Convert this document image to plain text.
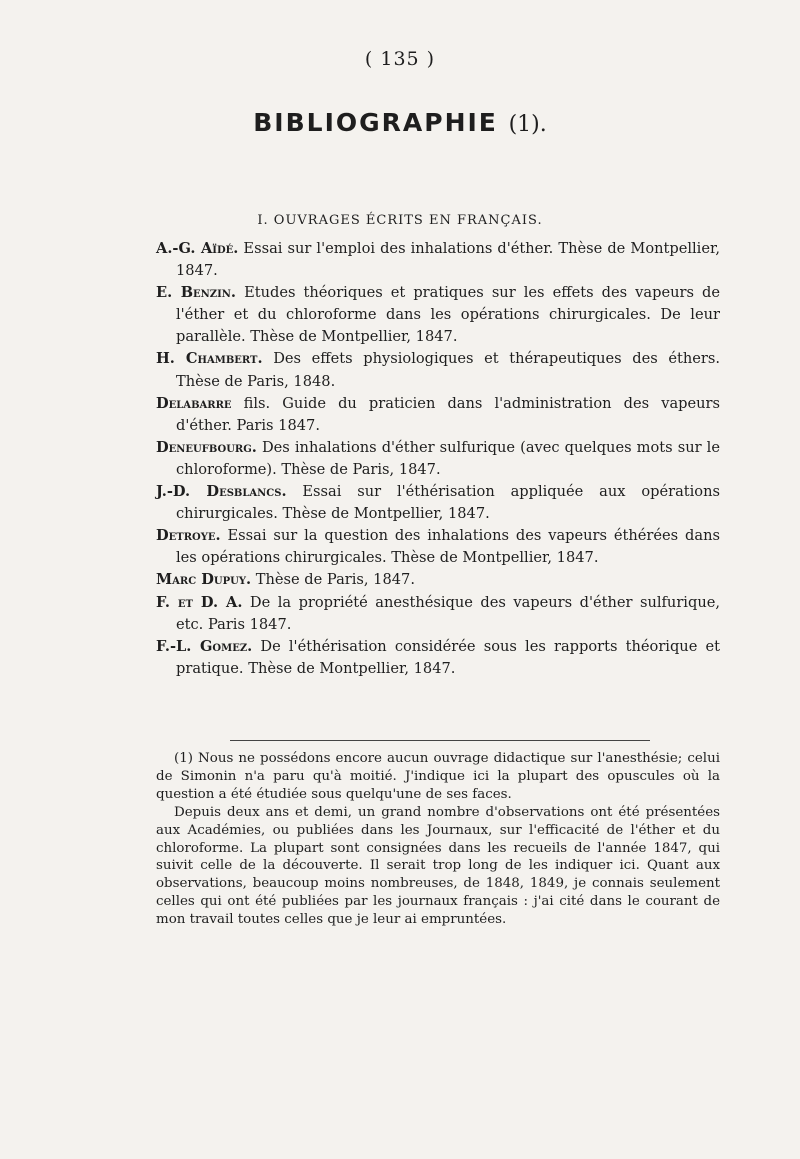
( 135 )
BIBLIOGRAPHIE (1).
I. OUVRAGES ÉCRITS EN FRANÇAIS.

A.-G. Aïdé. Essai sur l'emploi des inhalations d'éther. Thèse de Montpellier, 1847.

E. Benzin. Etudes théoriques et pratiques sur les effets des vapeurs de l'éther et du chloroforme dans les opérations chirurgicales. De leur parallèle. Thèse de Montpellier, 1847.

H. Chambert. Des effets physiologiques et thérapeutiques des éthers. Thèse de Paris, 1848.

Delabarre fils. Guide du praticien dans l'administration des vapeurs d'éther. Paris 1847.

Deneufbourg. Des inhalations d'éther sulfurique (avec quelques mots sur le chloroforme). Thèse de Paris, 1847.

J.-D. Desblancs. Essai sur l'éthérisation appliquée aux opérations chirurgicales. Thèse de Montpellier, 1847.

Detroye. Essai sur la question des inhalations des vapeurs éthérées dans les opérations chirurgicales. Thèse de Montpellier, 1847.

Marc Dupuy. Thèse de Paris, 1847.

F. et D. A. De la propriété anesthésique des vapeurs d'éther sulfurique, etc. Paris 1847.

F.-L. Gomez. De l'éthérisation considérée sous les rapports théorique et pratique. Thèse de Montpellier, 1847.

(1) Nous ne possédons encore aucun ouvrage didactique sur l'anesthésie; celui de Simonin n'a paru qu'à moitié. J'indique ici la plupart des opuscules où la question a été étudiée sous quelqu'une de ses faces.

Depuis deux ans et demi, un grand nombre d'observations ont été présentées aux Académies, ou publiées dans les Journaux, sur l'efficacité de l'éther et du chloroforme. La plupart sont consignées dans les recueils de l'année 1847, qui suivit celle de la découverte. Il serait trop long de les indiquer ici. Quant aux observations, beaucoup moins nombreuses, de 1848, 1849, je connais seulement celles qui ont été publiées par les journaux français : j'ai cité dans le courant de mon travail toutes celles que je leur ai empruntées.
